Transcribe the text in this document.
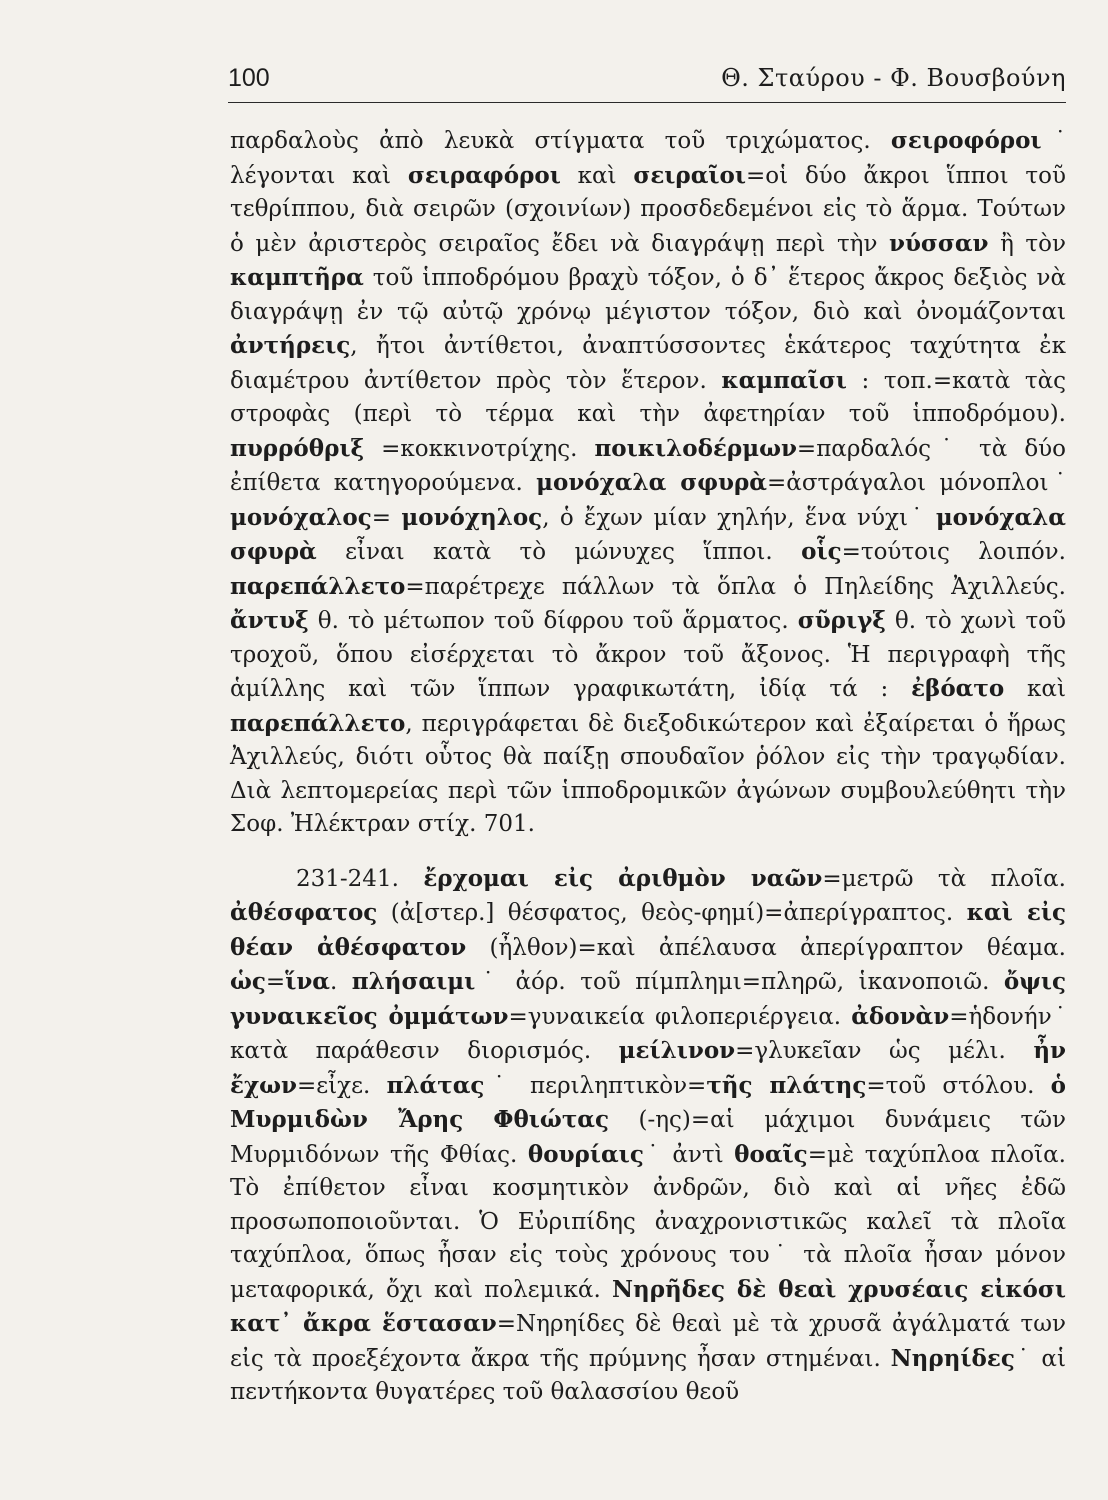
100	Θ. Σταύρου - Φ. Βουσβούνη

παρδαλοὺς ἀπὸ λευκὰ στίγματα τοῦ τριχώματος. σειροφόροι˙ λέγονται καὶ σειραφόροι καὶ σειραῖοι=οἱ δύο ἄκροι ἵπποι τοῦ τεθρίππου, διὰ σειρῶν (σχοινίων) προσδεδεμένοι εἰς τὸ ἅρμα. Τούτων ὁ μὲν ἀριστερὸς σειραῖος ἔδει νὰ διαγράψῃ περὶ τὴν νύσσαν ἢ τὸν καμπτῆρα τοῦ ἱπποδρόμου βραχὺ τόξον, ὁ δ᾽ ἕτερος ἄκρος δεξιὸς νὰ διαγράψῃ ἐν τῷ αὐτῷ χρόνῳ μέγιστον τόξον, διὸ καὶ ὀνομάζονται ἀντήρεις, ἤτοι ἀντίθετοι, ἀναπτύσσοντες ἑκάτερος ταχύτητα ἐκ διαμέτρου ἀντίθετον πρὸς τὸν ἕτερον. καμπαῖσι : τοπ.=κατὰ τὰς στροφὰς (περὶ τὸ τέρμα καὶ τὴν ἀφετηρίαν τοῦ ἱπποδρόμου). πυρρόθριξ =κοκκινοτρίχης. ποικιλοδέρμων=παρδαλός˙ τὰ δύο ἐπίθετα κατηγορούμενα. μονόχαλα σφυρὰ=ἀστράγαλοι μόνοπλοι˙ μονόχαλος= μονόχηλος, ὁ ἔχων μίαν χηλήν, ἕνα νύχι˙ μονόχαλα σφυρὰ εἶναι κατὰ τὸ μώνυχες ἵπποι. οἷς=τούτοις λοιπόν. παρεπάλλετο=παρέτρεχε πάλλων τὰ ὅπλα ὁ Πηλείδης Ἀχιλλεύς. ἄντυξ θ. τὸ μέτωπον τοῦ δίφρου τοῦ ἅρματος. σῦριγξ θ. τὸ χωνὶ τοῦ τροχοῦ, ὅπου εἰσέρχεται τὸ ἄκρον τοῦ ἄξονος. Ἡ περιγραφὴ τῆς ἁμίλλης καὶ τῶν ἵππων γραφικωτάτη, ἰδίᾳ τά : ἐβόατο καὶ παρεπάλλετο, περιγράφεται δὲ διεξοδικώτερον καὶ ἐξαίρεται ὁ ἥρως Ἀχιλλεύς, διότι οὗτος θὰ παίξῃ σπουδαῖον ῥόλον εἰς τὴν τραγῳδίαν. Διὰ λεπτομερείας περὶ τῶν ἱπποδρομικῶν ἀγώνων συμβουλεύθητι τὴν Σοφ. Ἠλέκτραν στίχ. 701.

231-241. ἔρχομαι εἰς ἀριθμὸν ναῶν=μετρῶ τὰ πλοῖα. ἀθέσφατος (ἀ[στερ.] θέσφατος, θεὸς-φημί)=ἀπερίγραπτος. καὶ εἰς θέαν ἀθέσφατον (ἦλθον)=καὶ ἀπέλαυσα ἀπερίγραπτον θέαμα. ὡς=ἵνα. πλήσαιμι˙ ἀόρ. τοῦ πίμπλημι=πληρῶ, ἱκανοποιῶ. ὄψις γυναικεῖος ὀμμάτων=γυναικεία φιλοπεριέργεια. ἀδονὰν=ἡδονήν˙ κατὰ παράθεσιν διορισμός. μείλινον=γλυκεῖαν ὡς μέλι. ἦν ἔχων=εἶχε. πλάτας˙ περιληπτικὸν=τῆς πλάτης=τοῦ στόλου. ὁ Μυρμιδὼν Ἄρης Φθιώτας (-ης)=αἱ μάχιμοι δυνάμεις τῶν Μυρμιδόνων τῆς Φθίας. θουρίαις˙ ἀντὶ θοαῖς=μὲ ταχύπλοα πλοῖα. Τὸ ἐπίθετον εἶναι κοσμητικὸν ἀνδρῶν, διὸ καὶ αἱ νῆες ἐδῶ προσωποποιοῦνται. Ὁ Εὐριπίδης ἀναχρονιστικῶς καλεῖ τὰ πλοῖα ταχύπλοα, ὅπως ἦσαν εἰς τοὺς χρόνους του˙ τὰ πλοῖα ἦσαν μόνον μεταφορικά, ὄχι καὶ πολεμικά. Νηρῆδες δὲ θεαὶ χρυσέαις εἰκόσι κατ᾽ ἄκρα ἕστασαν=Νηρηίδες δὲ θεαὶ μὲ τὰ χρυσᾶ ἀγάλματά των εἰς τὰ προεξέχοντα ἄκρα τῆς πρύμνης ἦσαν στημέναι. Νηρηίδες˙ αἱ πεντήκοντα θυγατέρες τοῦ θαλασσίου θεοῦ
